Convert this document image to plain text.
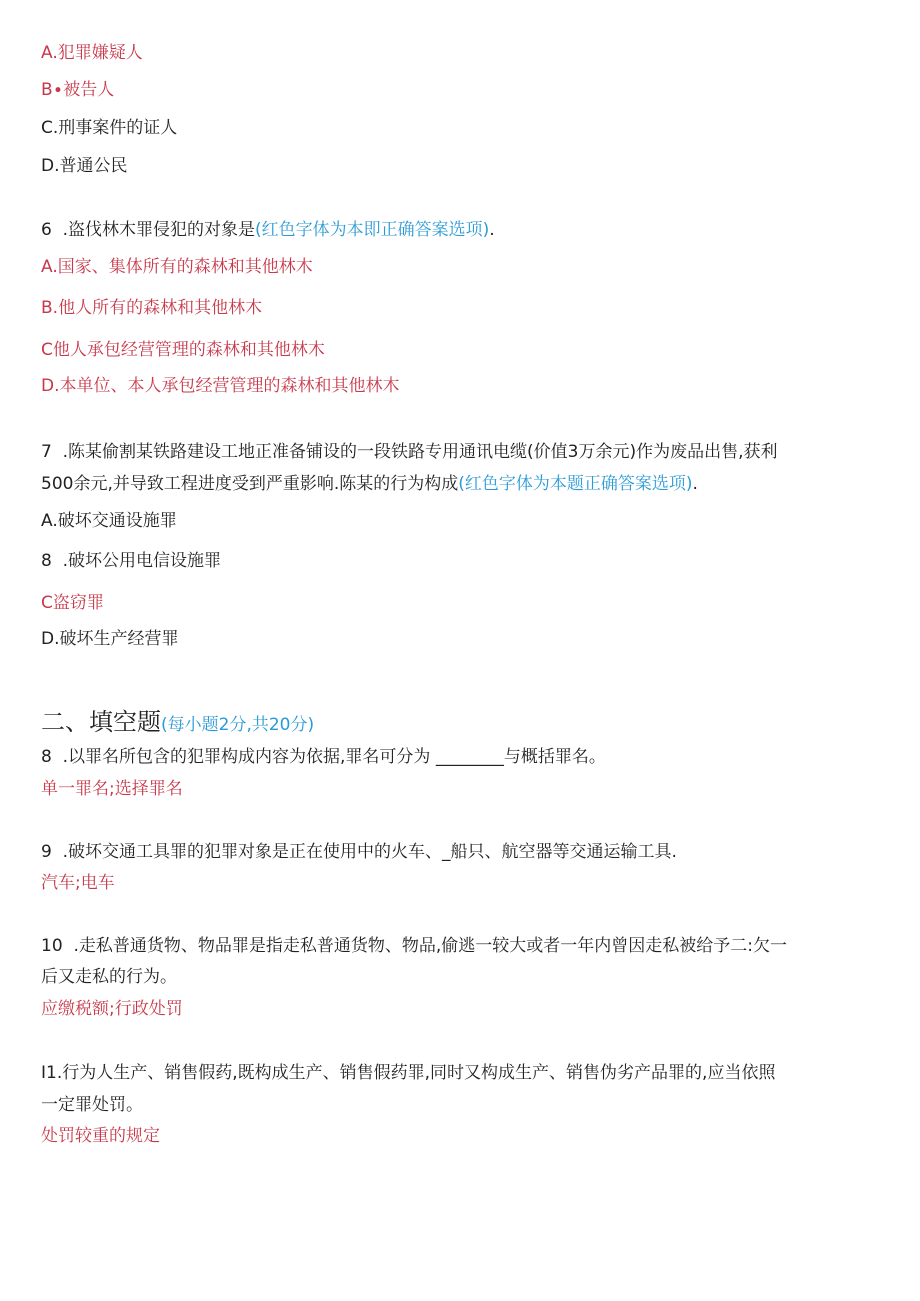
A.犯罪嫌疑人
B∙被告人
C.刑事案件的证人
D.普通公民
6  .盗伐林木罪侵犯的对象是(红色字体为本即正确答案选项).
A.国家、集体所有的森林和其他林木
B.他人所有的森林和其他林木
C他人承包经营管理的森林和其他林木
D.本单位、本人承包经营管理的森林和其他林木
7  .陈某偷割某铁路建设工地正准备铺设的一段铁路专用通讯电缆(价值3万余元)作为废品出售,获利
500余元,并导致工程进度受到严重影响.陈某的行为构成(红色字体为本题正确答案选项).
A.破坏交通设施罪
8  .破坏公用电信设施罪
C盗窃罪
D.破坏生产经营罪
二、填空题(每小题2分,共20分)
8  .以罪名所包含的犯罪构成内容为依据,罪名可分为 ________与概括罪名。
单一罪名;选择罪名
9  .破坏交通工具罪的犯罪对象是正在使用中的火车、_船只、航空器等交通运输工具.
汽车;电车
10  .走私普通货物、物品罪是指走私普通货物、物品,偷逃一较大或者一年内曾因走私被给予二:欠一
后又走私的行为。
应缴税额;行政处罚
I1.行为人生产、销售假药,既构成生产、销售假药罪,同时又构成生产、销售伪劣产品罪的,应当依照
一定罪处罚。
处罚较重的规定
